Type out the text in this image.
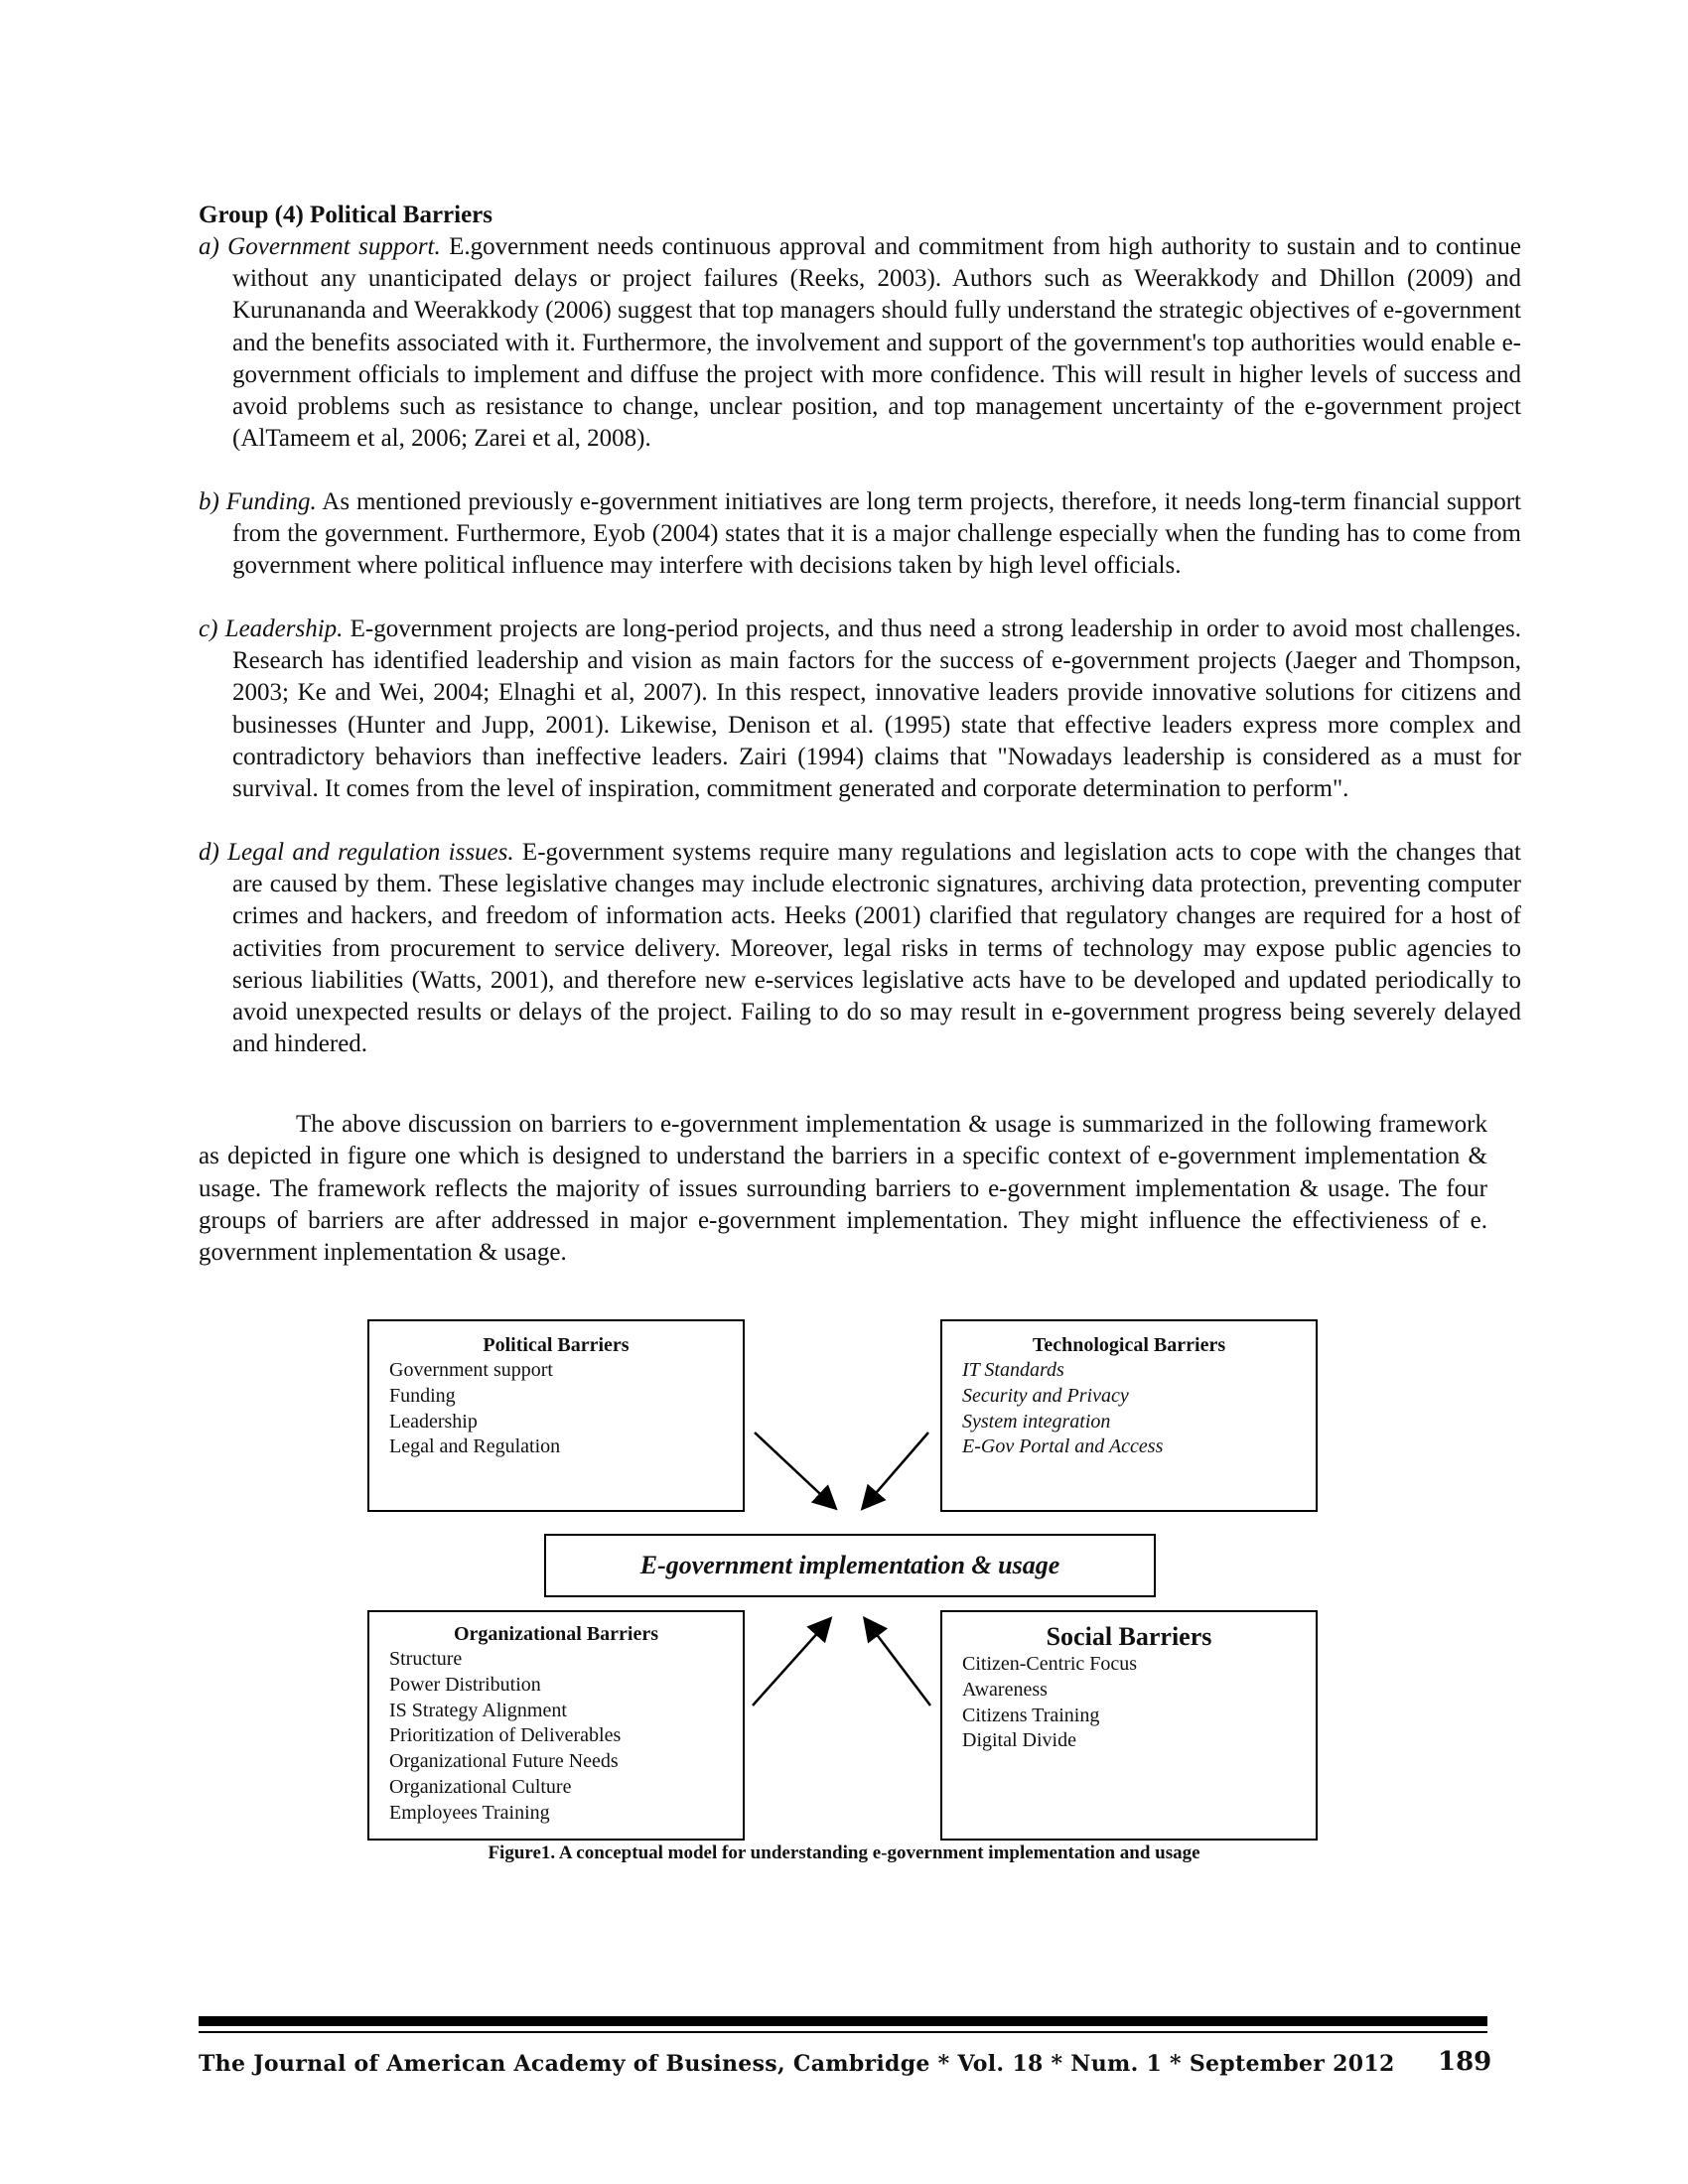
Group (4) Political Barriers
a) Government support. E.government needs continuous approval and commitment from high authority to sustain and to continue without any unanticipated delays or project failures (Reeks, 2003). Authors such as Weerakkody and Dhillon (2009) and Kurunananda and Weerakkody (2006) suggest that top managers should fully understand the strategic objectives of e-government and the benefits associated with it. Furthermore, the involvement and support of the government's top authorities would enable e-government officials to implement and diffuse the project with more confidence. This will result in higher levels of success and avoid problems such as resistance to change, unclear position, and top management uncertainty of the e-government project (AlTameem et al, 2006; Zarei et al, 2008).
b) Funding. As mentioned previously e-government initiatives are long term projects, therefore, it needs long-term financial support from the government. Furthermore, Eyob (2004) states that it is a major challenge especially when the funding has to come from government where political influence may interfere with decisions taken by high level officials.
c) Leadership. E-government projects are long-period projects, and thus need a strong leadership in order to avoid most challenges. Research has identified leadership and vision as main factors for the success of e-government projects (Jaeger and Thompson, 2003; Ke and Wei, 2004; Elnaghi et al, 2007). In this respect, innovative leaders provide innovative solutions for citizens and businesses (Hunter and Jupp, 2001). Likewise, Denison et al. (1995) state that effective leaders express more complex and contradictory behaviors than ineffective leaders. Zairi (1994) claims that "Nowadays leadership is considered as a must for survival. It comes from the level of inspiration, commitment generated and corporate determination to perform".
d) Legal and regulation issues. E-government systems require many regulations and legislation acts to cope with the changes that are caused by them. These legislative changes may include electronic signatures, archiving data protection, preventing computer crimes and hackers, and freedom of information acts. Heeks (2001) clarified that regulatory changes are required for a host of activities from procurement to service delivery. Moreover, legal risks in terms of technology may expose public agencies to serious liabilities (Watts, 2001), and therefore new e-services legislative acts have to be developed and updated periodically to avoid unexpected results or delays of the project. Failing to do so may result in e-government progress being severely delayed and hindered.
The above discussion on barriers to e-government implementation & usage is summarized in the following framework as depicted in figure one which is designed to understand the barriers in a specific context of e-government implementation & usage. The framework reflects the majority of issues surrounding barriers to e-government implementation & usage. The four groups of barriers are after addressed in major e-government implementation. They might influence the effectivieness of e. government inplementation & usage.
Political Barriers
Government support
Funding
Leadership
Legal and Regulation
Technological Barriers
IT Standards
Security and Privacy
System integration
E-Gov Portal and Access
E-government implementation & usage
Organizational Barriers
Structure
Power Distribution
IS Strategy Alignment
Prioritization of Deliverables
Organizational Future Needs
Organizational Culture
Employees Training
Social Barriers
Citizen-Centric Focus
Awareness
Citizens Training
Digital Divide
Figure1. A conceptual model for understanding e-government implementation and usage
The Journal of American Academy of Business, Cambridge * Vol. 18 * Num. 1 * September 2012 189
